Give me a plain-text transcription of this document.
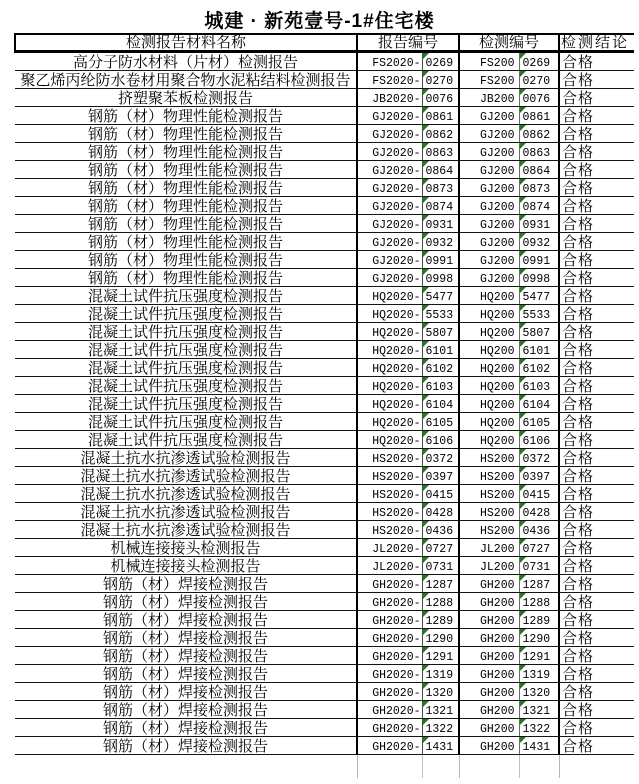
城建 · 新苑壹号-1#住宅楼
检测报告材料名称	报告编号		检测编号		检测结论
高分子防水材料（片材）检测报告	FS2020-	0269	FS200	0269	合格
聚乙烯丙纶防水卷材用聚合物水泥粘结料检测报告	FS2020-	0270	FS200	0270	合格
挤塑聚苯板检测报告	JB2020-	0076	JB200	0076	合格
钢筋（材）物理性能检测报告	GJ2020-	0861	GJ200	0861	合格
钢筋（材）物理性能检测报告	GJ2020-	0862	GJ200	0862	合格
钢筋（材）物理性能检测报告	GJ2020-	0863	GJ200	0863	合格
钢筋（材）物理性能检测报告	GJ2020-	0864	GJ200	0864	合格
钢筋（材）物理性能检测报告	GJ2020-	0873	GJ200	0873	合格
钢筋（材）物理性能检测报告	GJ2020-	0874	GJ200	0874	合格
钢筋（材）物理性能检测报告	GJ2020-	0931	GJ200	0931	合格
钢筋（材）物理性能检测报告	GJ2020-	0932	GJ200	0932	合格
钢筋（材）物理性能检测报告	GJ2020-	0991	GJ200	0991	合格
钢筋（材）物理性能检测报告	GJ2020-	0998	GJ200	0998	合格
混凝土试件抗压强度检测报告	HQ2020-	5477	HQ200	5477	合格
混凝土试件抗压强度检测报告	HQ2020-	5533	HQ200	5533	合格
混凝土试件抗压强度检测报告	HQ2020-	5807	HQ200	5807	合格
混凝土试件抗压强度检测报告	HQ2020-	6101	HQ200	6101	合格
混凝土试件抗压强度检测报告	HQ2020-	6102	HQ200	6102	合格
混凝土试件抗压强度检测报告	HQ2020-	6103	HQ200	6103	合格
混凝土试件抗压强度检测报告	HQ2020-	6104	HQ200	6104	合格
混凝土试件抗压强度检测报告	HQ2020-	6105	HQ200	6105	合格
混凝土试件抗压强度检测报告	HQ2020-	6106	HQ200	6106	合格
混凝土抗水抗渗透试验检测报告	HS2020-	0372	HS200	0372	合格
混凝土抗水抗渗透试验检测报告	HS2020-	0397	HS200	0397	合格
混凝土抗水抗渗透试验检测报告	HS2020-	0415	HS200	0415	合格
混凝土抗水抗渗透试验检测报告	HS2020-	0428	HS200	0428	合格
混凝土抗水抗渗透试验检测报告	HS2020-	0436	HS200	0436	合格
机械连接接头检测报告	JL2020-	0727	JL200	0727	合格
机械连接接头检测报告	JL2020-	0731	JL200	0731	合格
钢筋（材）焊接检测报告	GH2020-	1287	GH200	1287	合格
钢筋（材）焊接检测报告	GH2020-	1288	GH200	1288	合格
钢筋（材）焊接检测报告	GH2020-	1289	GH200	1289	合格
钢筋（材）焊接检测报告	GH2020-	1290	GH200	1290	合格
钢筋（材）焊接检测报告	GH2020-	1291	GH200	1291	合格
钢筋（材）焊接检测报告	GH2020-	1319	GH200	1319	合格
钢筋（材）焊接检测报告	GH2020-	1320	GH200	1320	合格
钢筋（材）焊接检测报告	GH2020-	1321	GH200	1321	合格
钢筋（材）焊接检测报告	GH2020-	1322	GH200	1322	合格
钢筋（材）焊接检测报告	GH2020-	1431	GH200	1431	合格
